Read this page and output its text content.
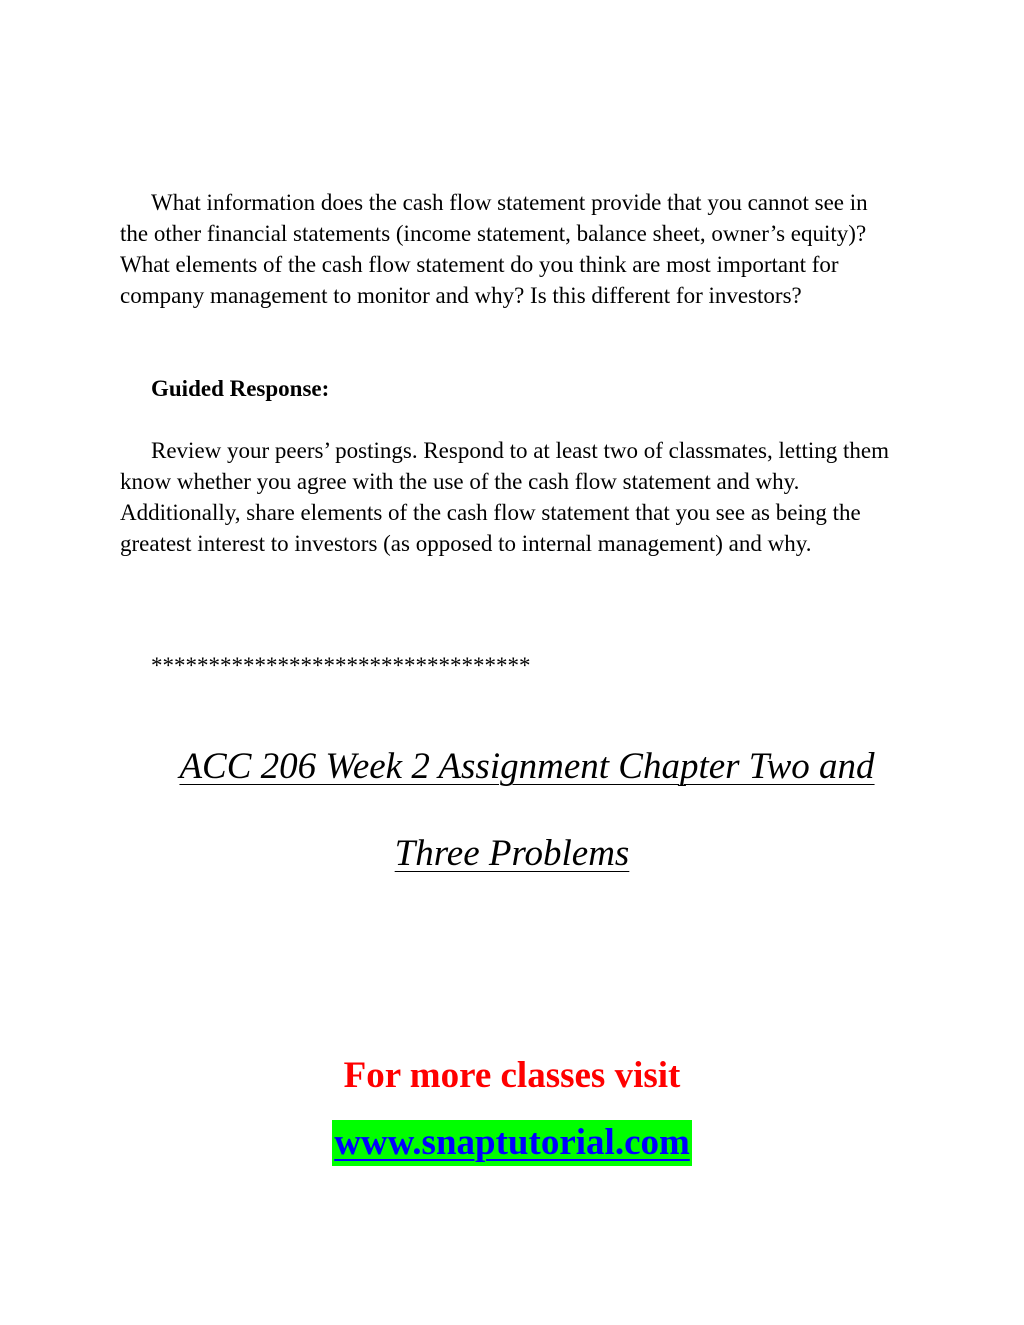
What information does the cash flow statement provide that you cannot see in the other financial statements (income statement, balance sheet, owner’s equity)? What elements of the cash flow statement do you think are most important for company management to monitor and why? Is this different for investors?

Guided Response:

Review your peers’ postings. Respond to at least two of classmates, letting them know whether you agree with the use of the cash flow statement and why. Additionally, share elements of the cash flow statement that you see as being the greatest interest to investors (as opposed to internal management) and why.

*********************************

ACC 206 Week 2 Assignment Chapter Two and

Three Problems

For more classes visit

www.snaptutorial.com
